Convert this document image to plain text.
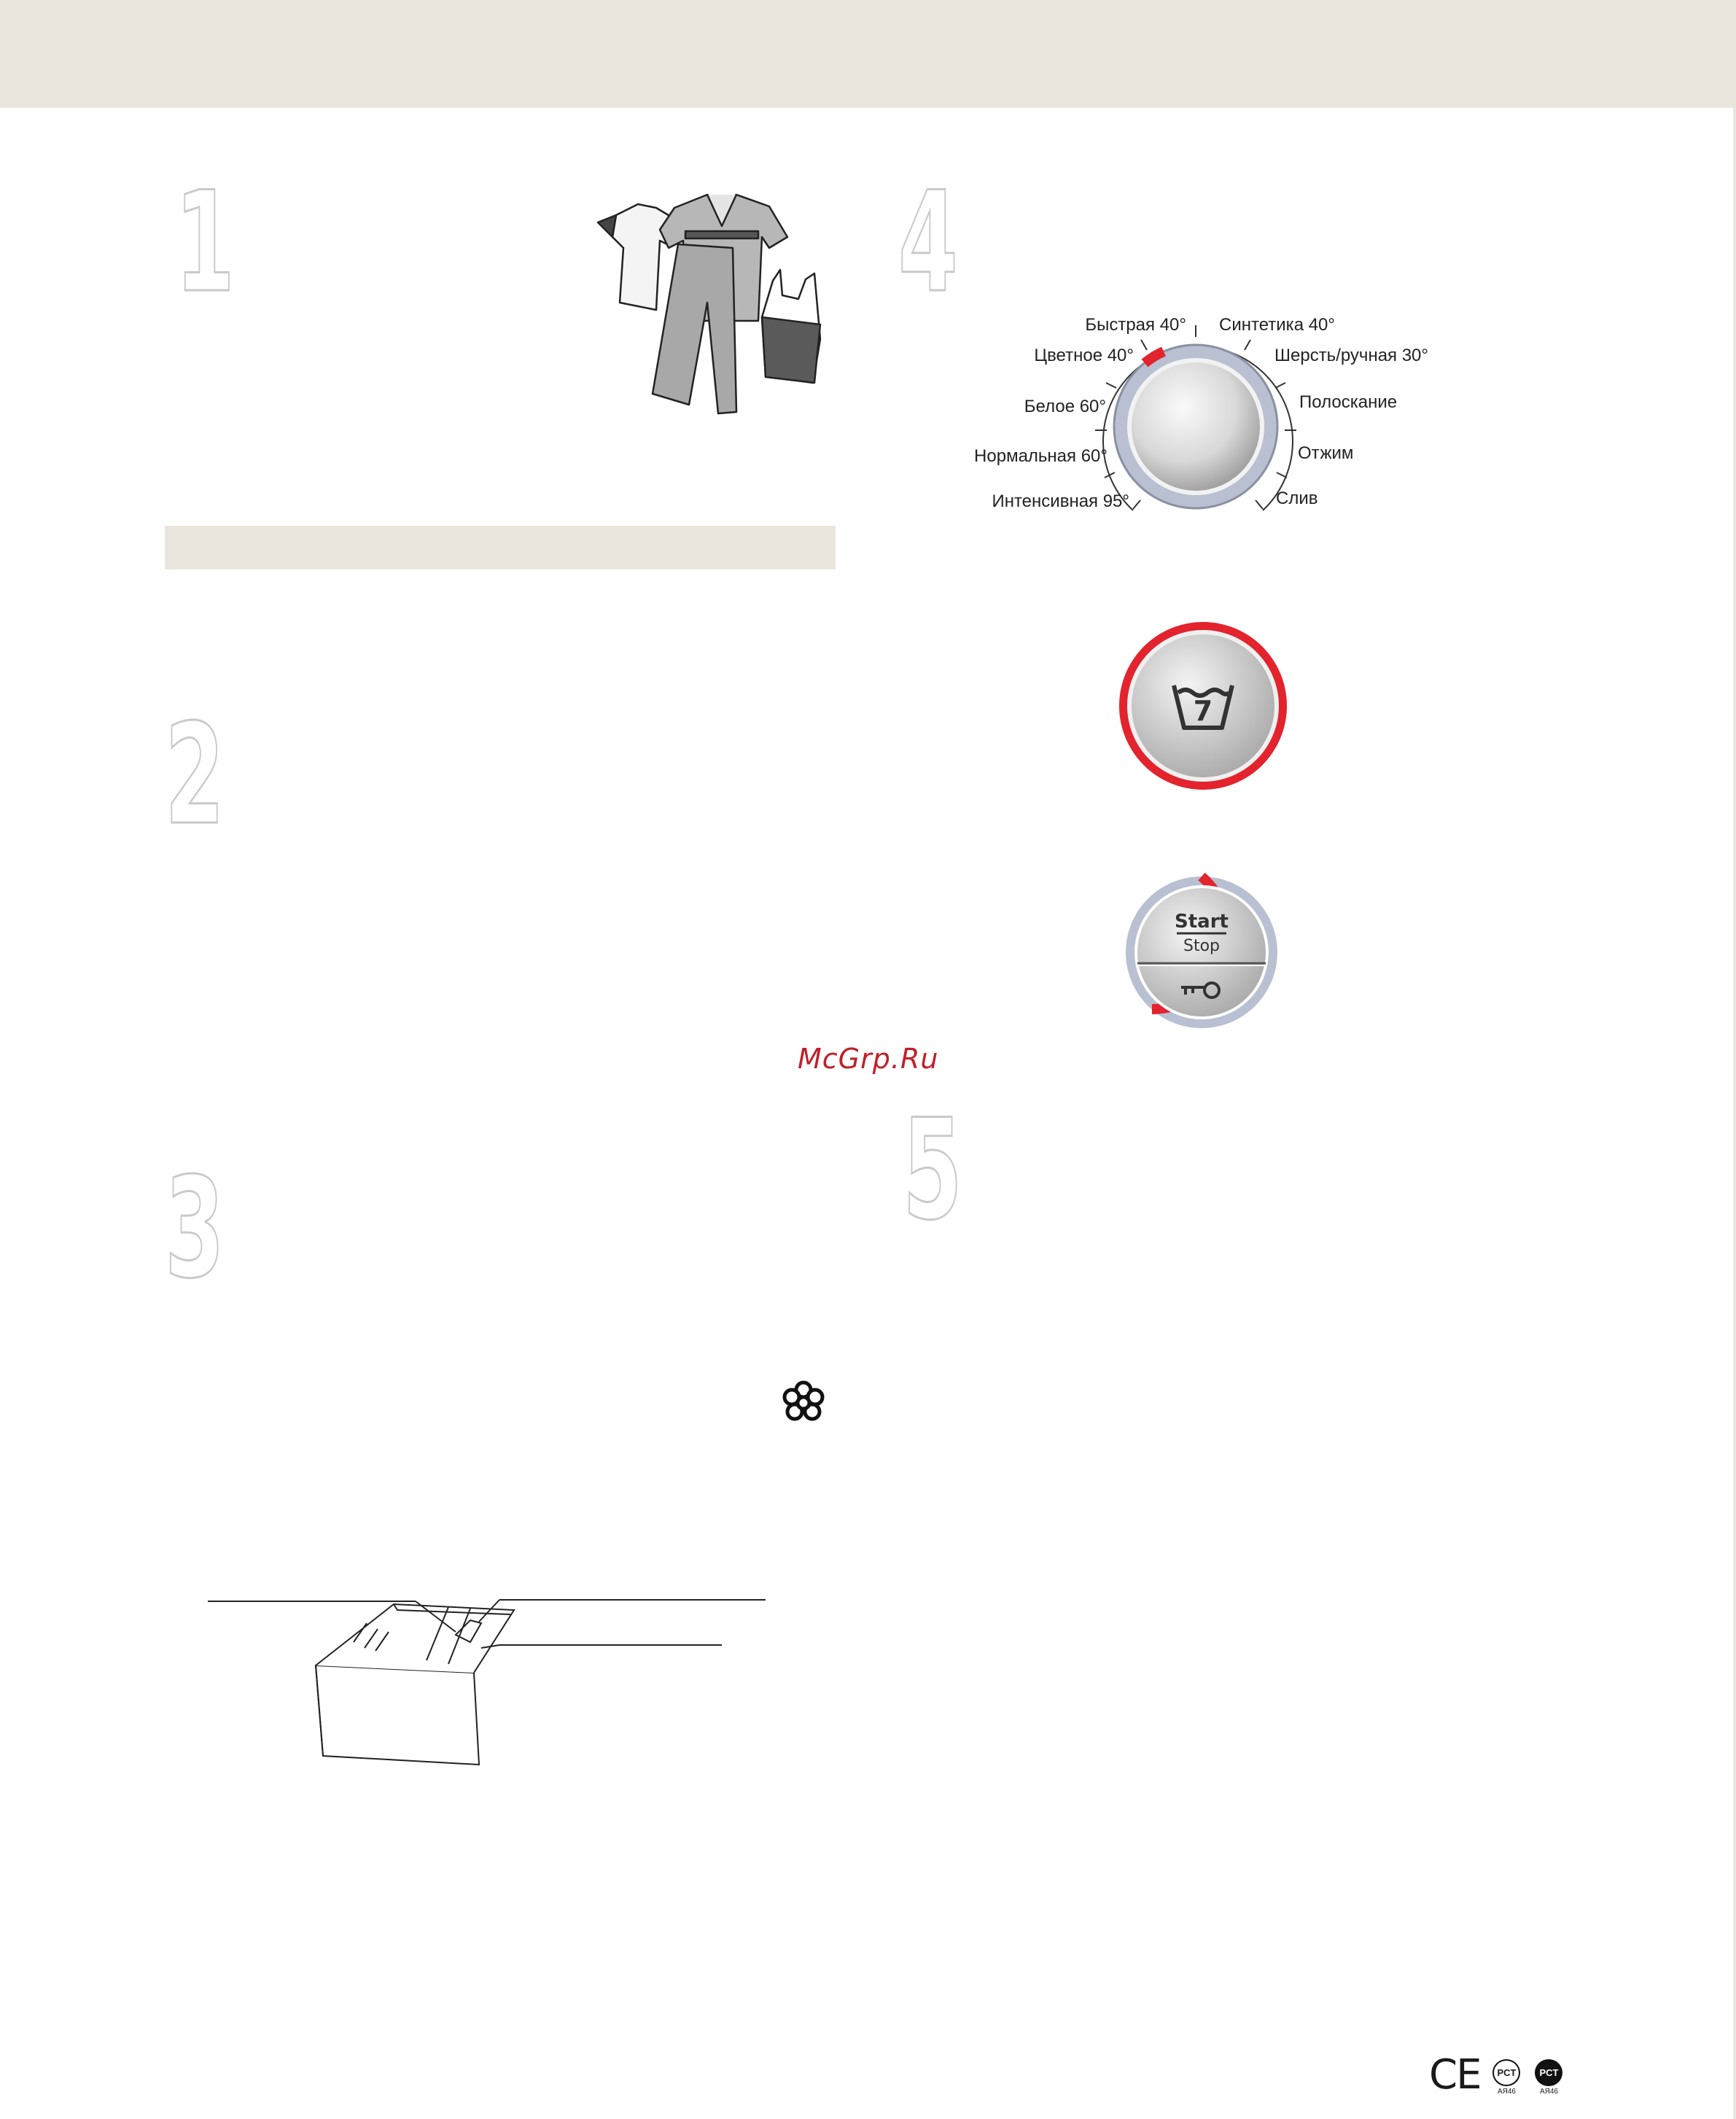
1
2
3
4
5
Быстрая 40° Синтетика 40°
Цветное 40°	Шерсть/ручная 30°
Белое 60°	Полоскание
Нормальная 60°	Отжим
Интенсивная 95°	Слив
7
Start
Stop
McGrp.Ru
CE	PCT
AЯ46
PCT
AЯ46
